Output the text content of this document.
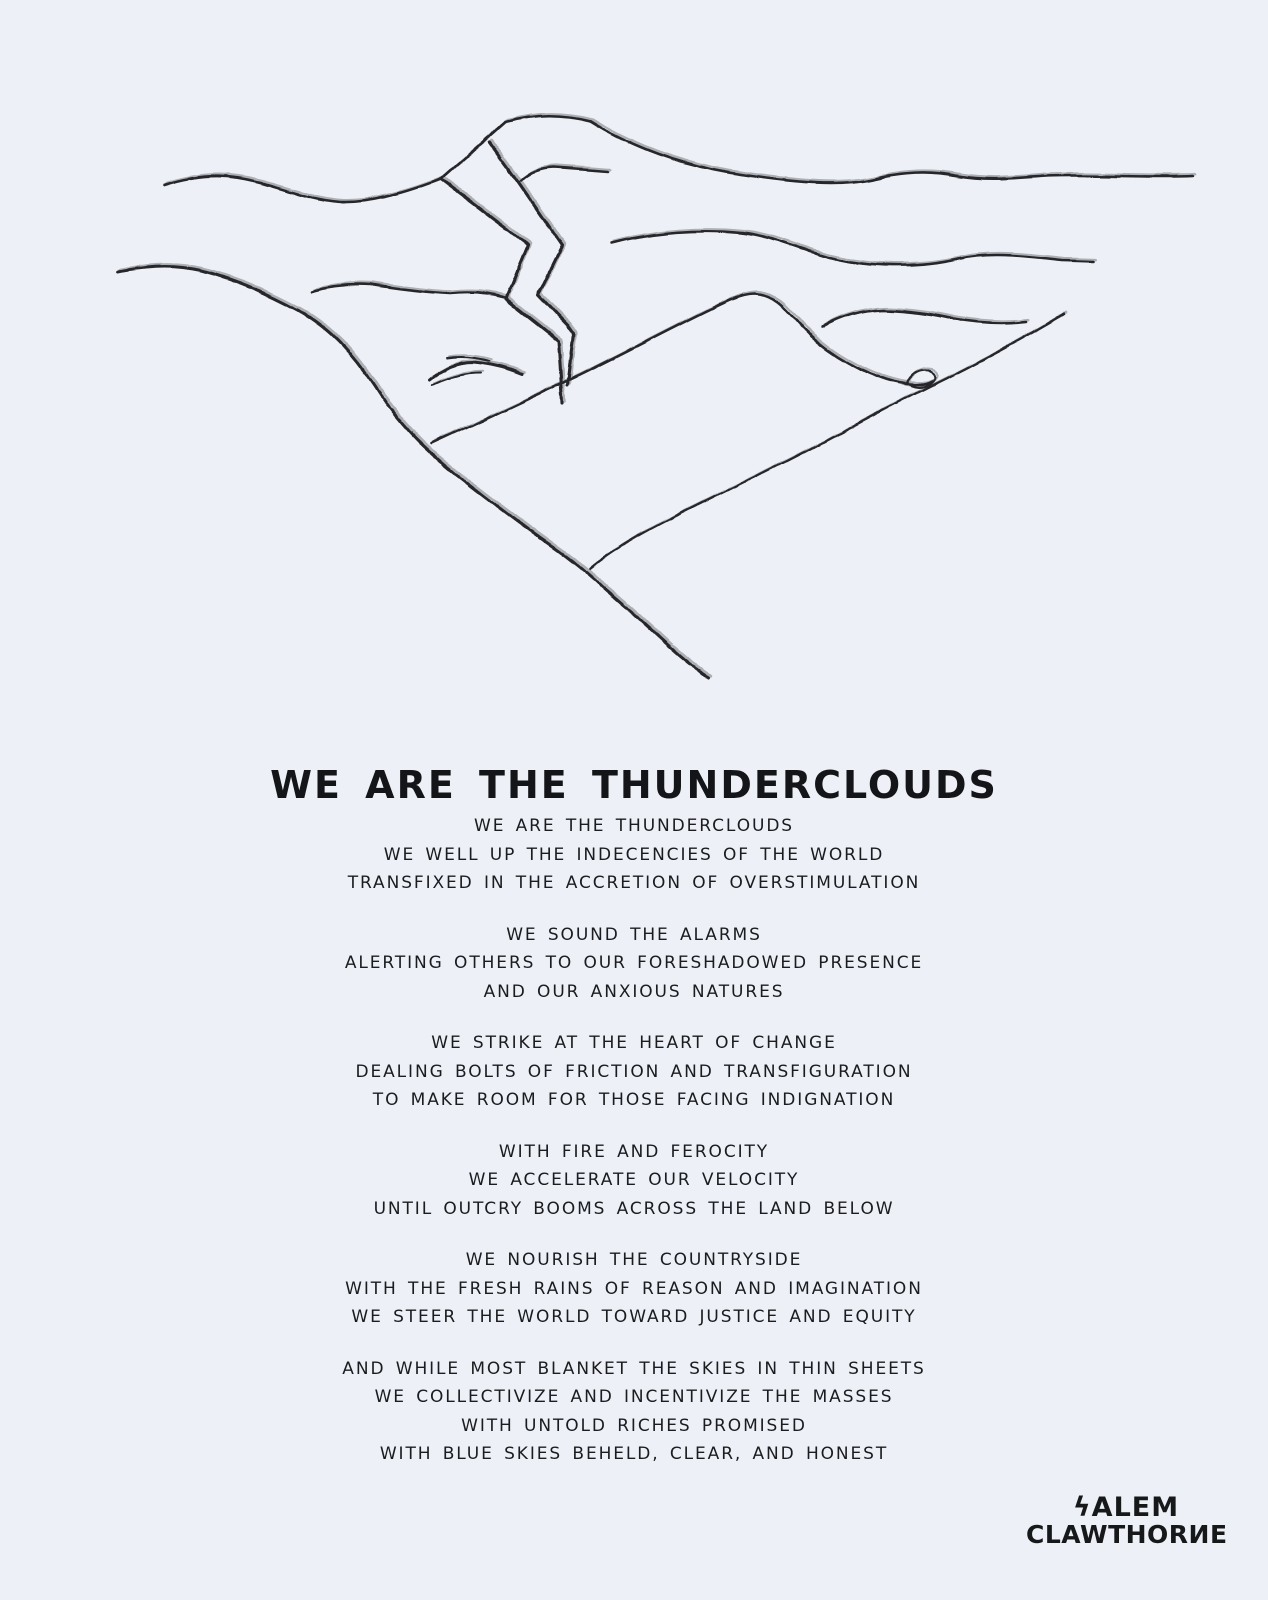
WE ARE THE THUNDERCLOUDS
WE ARE THE THUNDERCLOUDS
WE WELL UP THE INDECENCIES OF THE WORLD
TRANSFIXED IN THE ACCRETION OF OVERSTIMULATION
WE SOUND THE ALARMS
ALERTING OTHERS TO OUR FORESHADOWED PRESENCE
AND OUR ANXIOUS NATURES
WE STRIKE AT THE HEART OF CHANGE
DEALING BOLTS OF FRICTION AND TRANSFIGURATION
TO MAKE ROOM FOR THOSE FACING INDIGNATION
WITH FIRE AND FEROCITY
WE ACCELERATE OUR VELOCITY
UNTIL OUTCRY BOOMS ACROSS THE LAND BELOW
WE NOURISH THE COUNTRYSIDE
WITH THE FRESH RAINS OF REASON AND IMAGINATION
WE STEER THE WORLD TOWARD JUSTICE AND EQUITY
AND WHILE MOST BLANKET THE SKIES IN THIN SHEETS
WE COLLECTIVIZE AND INCENTIVIZE THE MASSES
WITH UNTOLD RICHES PROMISED
WITH BLUE SKIES BEHELD, CLEAR, AND HONEST
ϟALEM
CLAWTHORИE
